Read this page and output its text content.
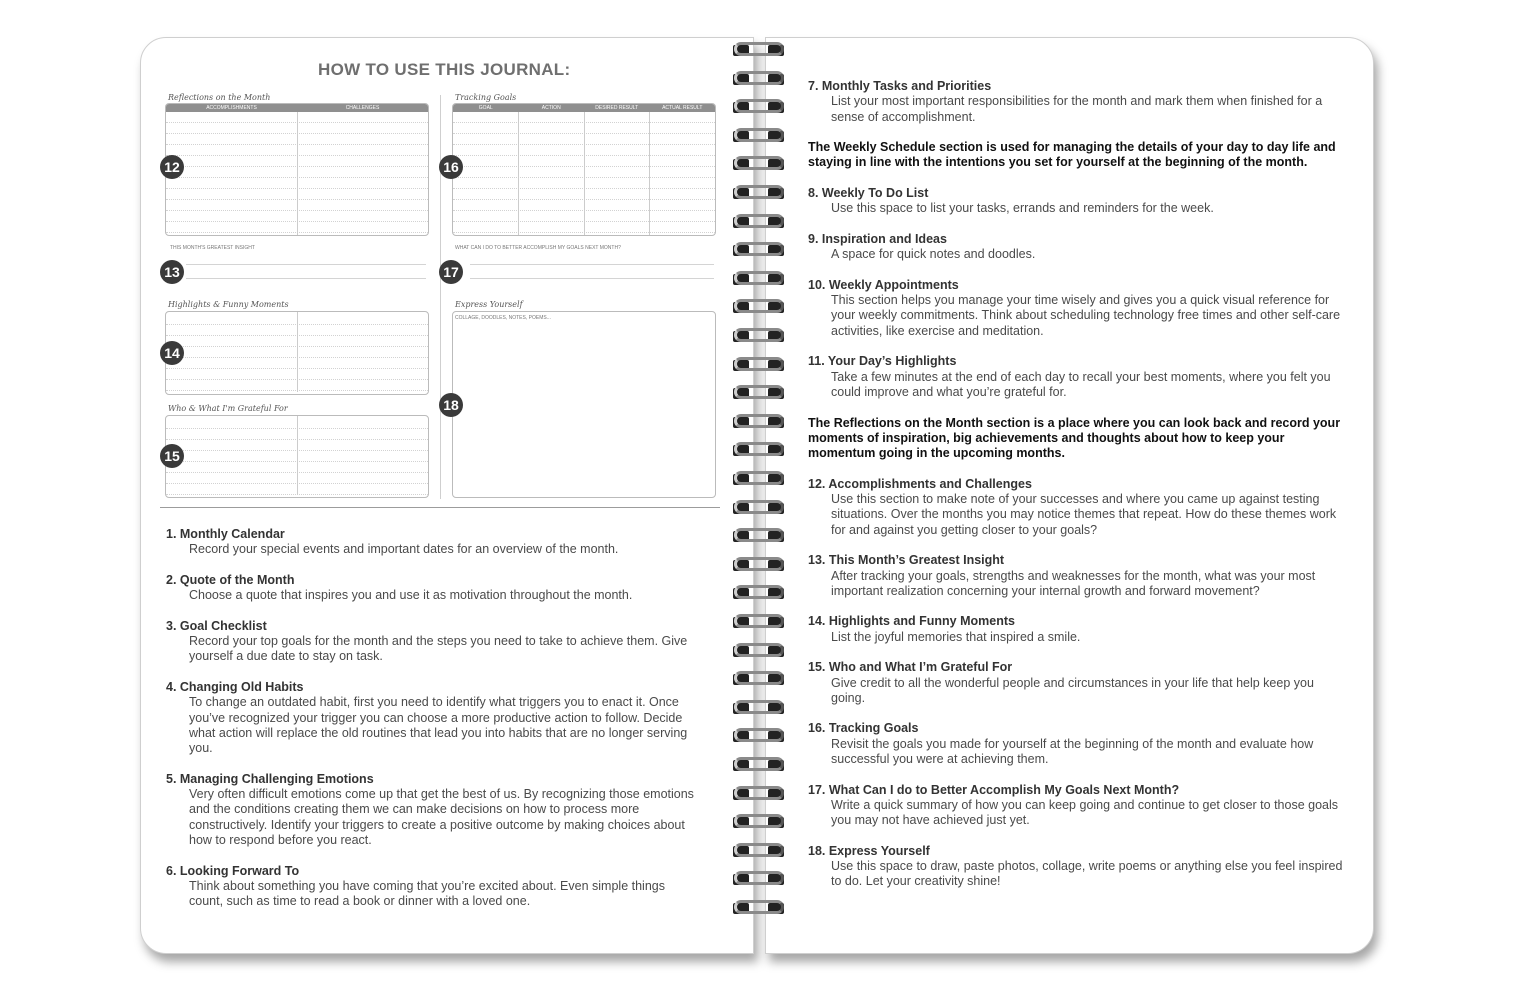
HOW TO USE THIS JOURNAL:
Reflections on the Month
ACCOMPLISHMENTS	CHALLENGES
Tracking Goals
GOAL	ACTION	DESIRED RESULT	ACTUAL RESULT
THIS MONTH'S GREATEST INSIGHT	WHAT CAN I DO TO BETTER ACCOMPLISH MY GOALS NEXT MONTH?
Highlights & Funny Moments	Express Yourself
COLLAGE, DOODLES, NOTES, POEMS...
Who & What I'm Grateful For
12
13
14
15
16
17
18
1. Monthly Calendar
Record your special events and important dates for an overview of the month.
2. Quote of the Month
Choose a quote that inspires you and use it as motivation throughout the month.
3. Goal Checklist
Record your top goals for the month and the steps you need to take to achieve them. Give yourself a due date to stay on task.
4. Changing Old Habits
To change an outdated habit, first you need to identify what triggers you to enact it. Once you’ve recognized your trigger you can choose a more productive action to follow. Decide what action will replace the old routines that lead you into habits that are no longer serving you.
5. Managing Challenging Emotions
Very often difficult emotions come up that get the best of us. By recognizing those emotions and the conditions creating them we can make decisions on how to process more constructively. Identify your triggers to create a positive outcome by making choices about how to respond before you react.
6. Looking Forward To
Think about something you have coming that you’re excited about. Even simple things count, such as time to read a book or dinner with a loved one.
7. Monthly Tasks and Priorities
List your most important responsibilities for the month and mark them when finished for a sense of accomplishment.
The Weekly Schedule section is used for managing the details of your day to day life and staying in line with the intentions you set for yourself at the beginning of the month.
8. Weekly To Do List
Use this space to list your tasks, errands and reminders for the week.
9. Inspiration and Ideas
A space for quick notes and doodles.
10. Weekly Appointments
This section helps you manage your time wisely and gives you a quick visual reference for your weekly commitments. Think about scheduling technology free times and other self-care activities, like exercise and meditation.
11. Your Day’s Highlights
Take a few minutes at the end of each day to recall your best moments, where you felt you could improve and what you’re grateful for.
The Reflections on the Month section is a place where you can look back and record your moments of inspiration, big achievements and thoughts about how to keep your momentum going in the upcoming months.
12. Accomplishments and Challenges
Use this section to make note of your successes and where you came up against testing situations. Over the months you may notice themes that repeat. How do these themes work for and against you getting closer to your goals?
13. This Month’s Greatest Insight
After tracking your goals, strengths and weaknesses for the month, what was your most important realization concerning your internal growth and forward movement?
14. Highlights and Funny Moments
List the joyful memories that inspired a smile.
15. Who and What I’m Grateful For
Give credit to all the wonderful people and circumstances in your life that help keep you going.
16. Tracking Goals
Revisit the goals you made for yourself at the beginning of the month and evaluate how successful you were at achieving them.
17. What Can I do to Better Accomplish My Goals Next Month?
Write a quick summary of how you can keep going and continue to get closer to those goals you may not have achieved just yet.
18. Express Yourself
Use this space to draw, paste photos, collage, write poems or anything else you feel inspired to do. Let your creativity shine!
